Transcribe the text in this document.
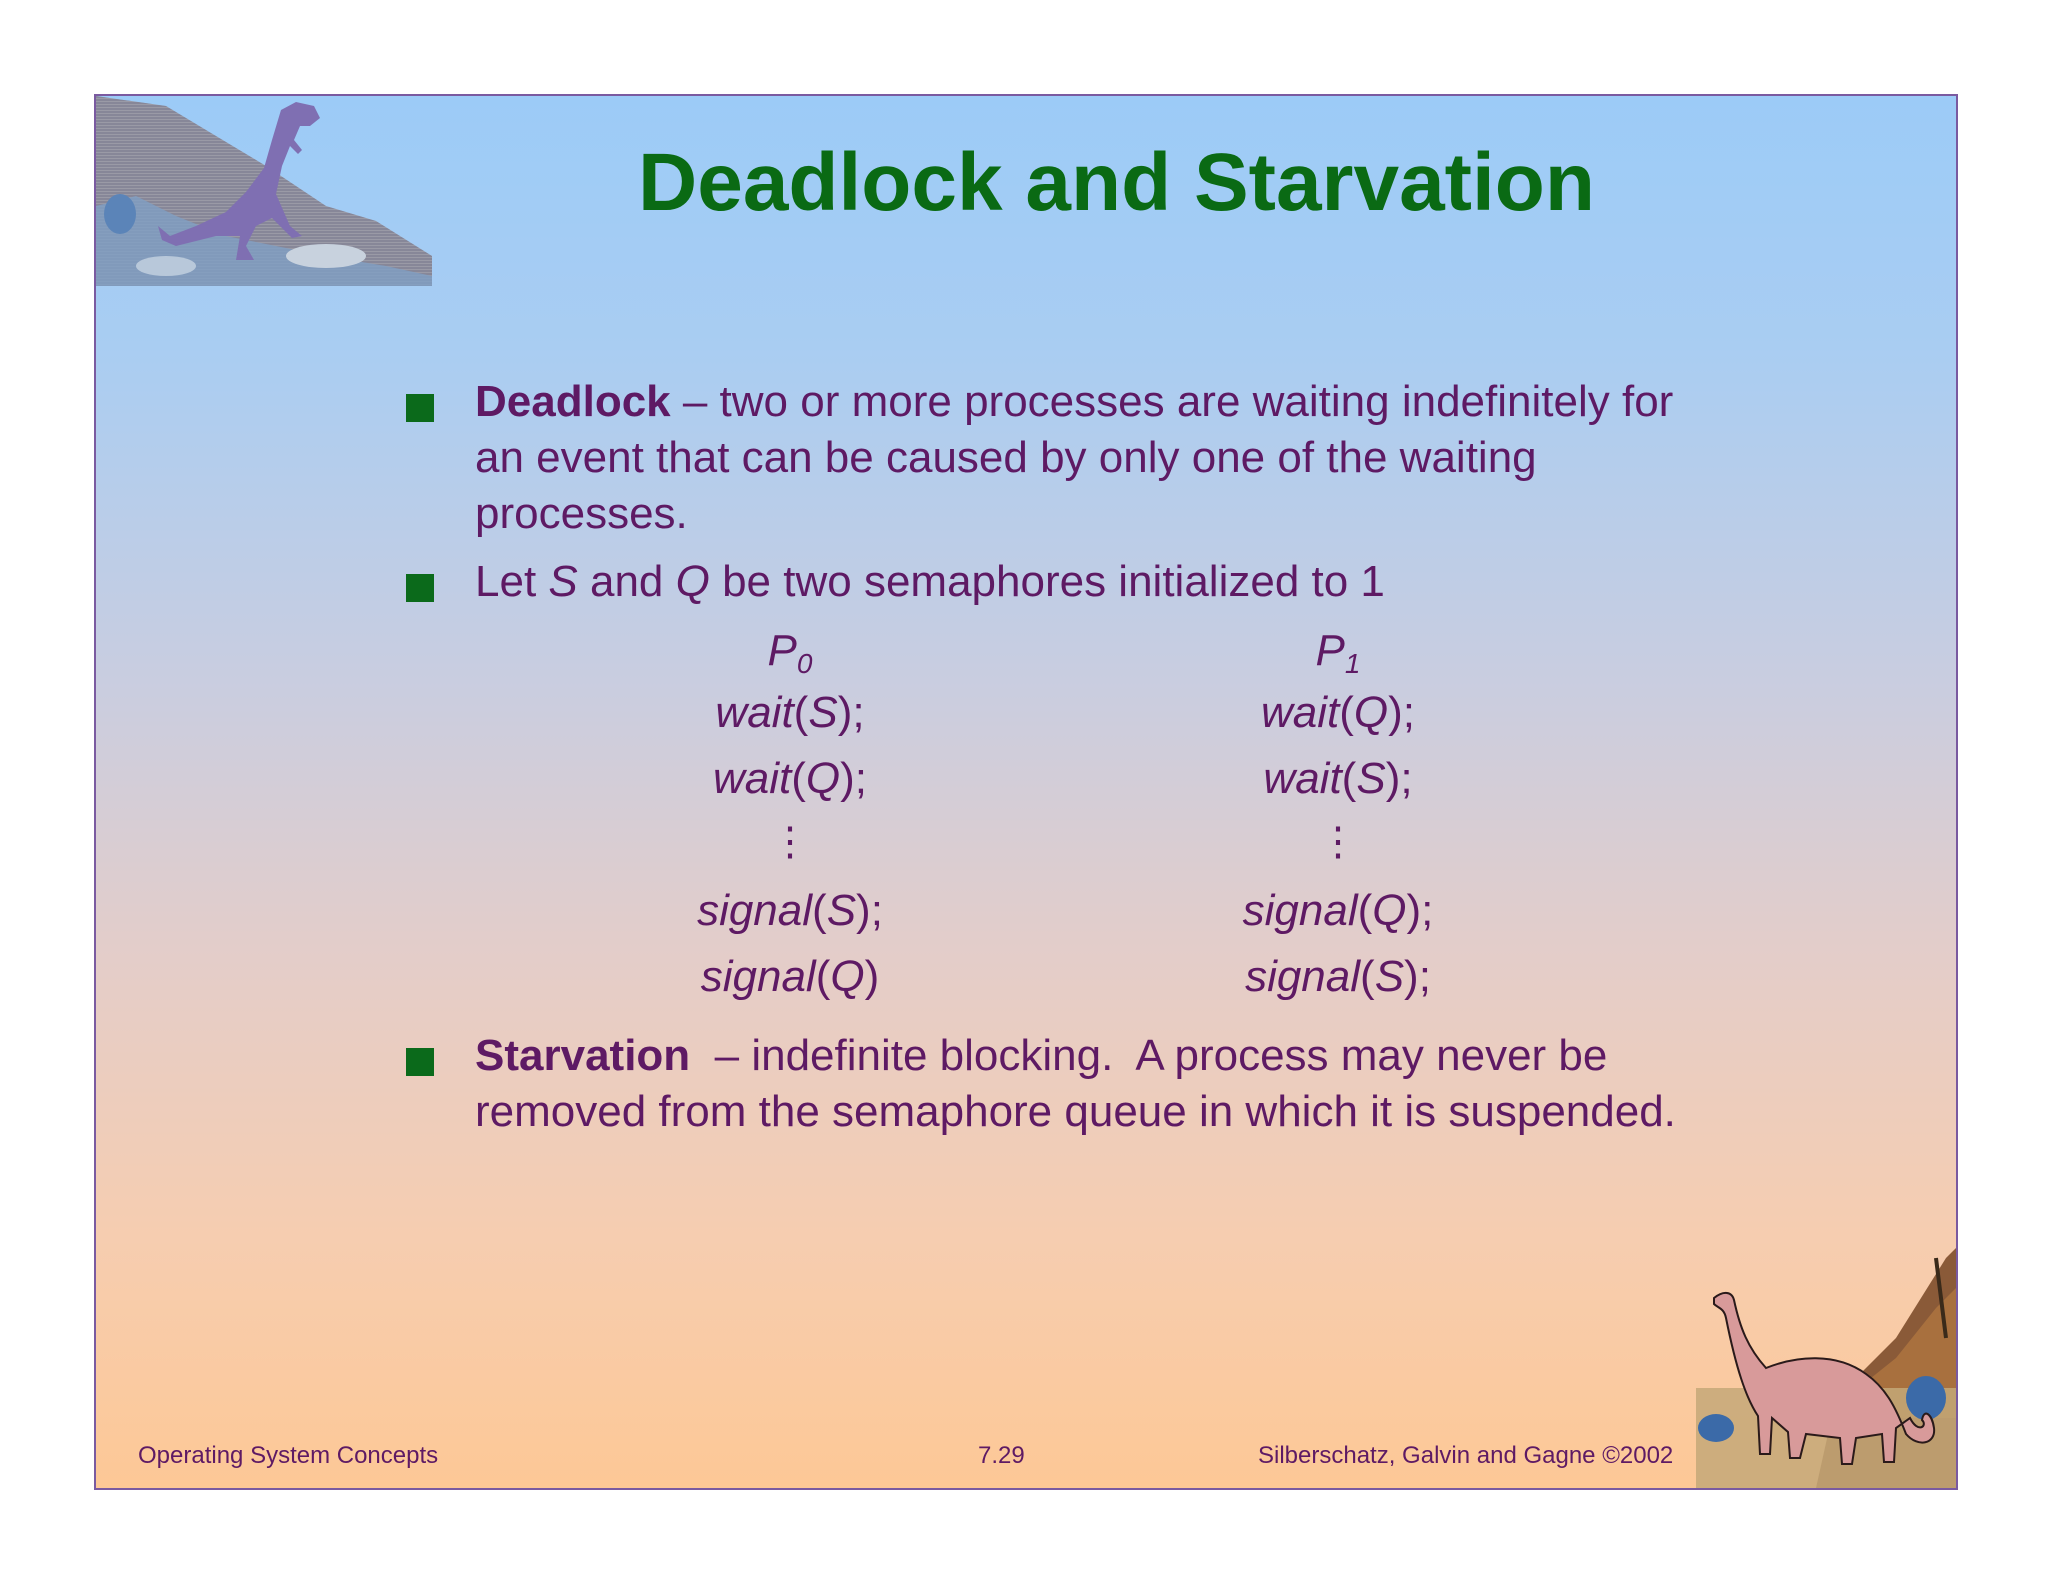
Deadlock and Starvation
Deadlock – two or more processes are waiting indefinitely for
an event that can be caused by only one of the waiting
processes.
Let S and Q be two semaphores initialized to 1
$P_0$
wait(S);
wait(Q);
⋮
signal(S);
signal(Q)
$P_1$
wait(Q);
wait(S);
⋮
signal(Q);
signal(S);
Starvation  – indefinite blocking.  A process may never be
removed from the semaphore queue in which it is suspended.
Operating System Concepts	7.29	Silberschatz, Galvin and Gagne ©2002
